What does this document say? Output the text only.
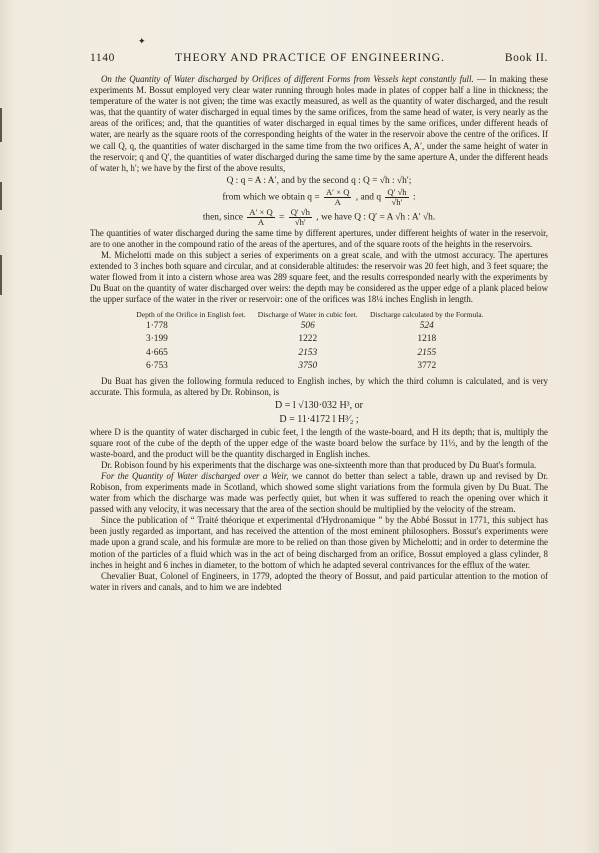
✦
1140	THEORY AND PRACTICE OF ENGINEERING.	Book II.

On the Quantity of Water discharged by Orifices of different Forms from Vessels kept constantly full. — In making these experiments M. Bossut employed very clear water running through holes made in plates of copper half a line in thickness; the temperature of the water is not given; the time was exactly measured, as well as the quantity of water discharged, and the result was, that the quantity of water discharged in equal times by the same orifices, from the same head of water, is very nearly as the areas of the orifices; and, that the quantities of water discharged in equal times by the same orifices, under different heads of water, are nearly as the square roots of the corresponding heights of the water in the reservoir above the centre of the orifices. If we call Q, q, the quantities of water discharged in the same time from the two orifices A, A′, under the same height of water in the reservoir; q and Q′, the quantities of water discharged during the same time by the same aperture A, under the different heads of water h, h′; we have by the first of the above results,

Q : q = A : A′, and by the second q : Q = √h : √h′;
from which we obtain $q = \frac{A' \times Q}{A}$ , and q $\frac{Q' √h}{√h'}$ :
then, since $\frac{A' \times Q}{A} = \frac{Q' √h}{√h'}$ , we have Q : Q′ = A √h : A′ √h.

The quantities of water discharged during the same time by different apertures, under different heights of water in the reservoir, are to one another in the compound ratio of the areas of the apertures, and of the square roots of the heights in the reservoirs.

M. Michelotti made on this subject a series of experiments on a great scale, and with the utmost accuracy. The apertures extended to 3 inches both square and circular, and at considerable altitudes: the reservoir was 20 feet high, and 3 feet square; the water flowed from it into a cistern whose area was 289 square feet, and the results corresponded nearly with the experiments by Du Buat on the quantity of water discharged over weirs: the depth may be considered as the upper edge of a plank placed below the upper surface of the water in the river or reservoir: one of the orifices was 18¼ inches English in length.

Depth of the Orifice in English feet.	Discharge of Water in cubic feet.	Discharge calculated by the Formula.
1·778	506	524
3·199	1222	1218
4·665	2153	2155
6·753	3750	3772

Du Buat has given the following formula reduced to English inches, by which the third column is calculated, and is very accurate. This formula, as altered by Dr. Robinson, is

D = l √130·032 H³, or
D = 11·4172 l H³⁄₂ ;

where D is the quantity of water discharged in cubic feet, l the length of the waste-board, and H its depth; that is, multiply the square root of the cube of the depth of the upper edge of the waste board below the surface by 11⅓, and by the length of the waste-board, and the product will be the quantity discharged in English inches.

Dr. Robison found by his experiments that the discharge was one-sixteenth more than that produced by Du Buat's formula.

For the Quantity of Water discharged over a Weir, we cannot do better than select a table, drawn up and revised by Dr. Robison, from experiments made in Scotland, which showed some slight variations from the formula given by Du Buat. The water from which the discharge was made was perfectly quiet, but when it was suffered to reach the opening over which it passed with any velocity, it was necessary that the area of the section should be multiplied by the velocity of the stream.

Since the publication of “ Traité théorique et experimental d'Hydronamique ” by the Abbé Bossut in 1771, this subject has been justly regarded as important, and has received the attention of the most eminent philosophers. Bossut's experiments were made upon a grand scale, and his formulæ are more to be relied on than those given by Michelotti; and in order to determine the motion of the particles of a fluid which was in the act of being discharged from an orifice, Bossut employed a glass cylinder, 8 inches in height and 6 inches in diameter, to the bottom of which he adapted several contrivances for the efflux of the water.

Chevalier Buat, Colonel of Engineers, in 1779, adopted the theory of Bossut, and paid particular attention to the motion of water in rivers and canals, and to him we are indebted
